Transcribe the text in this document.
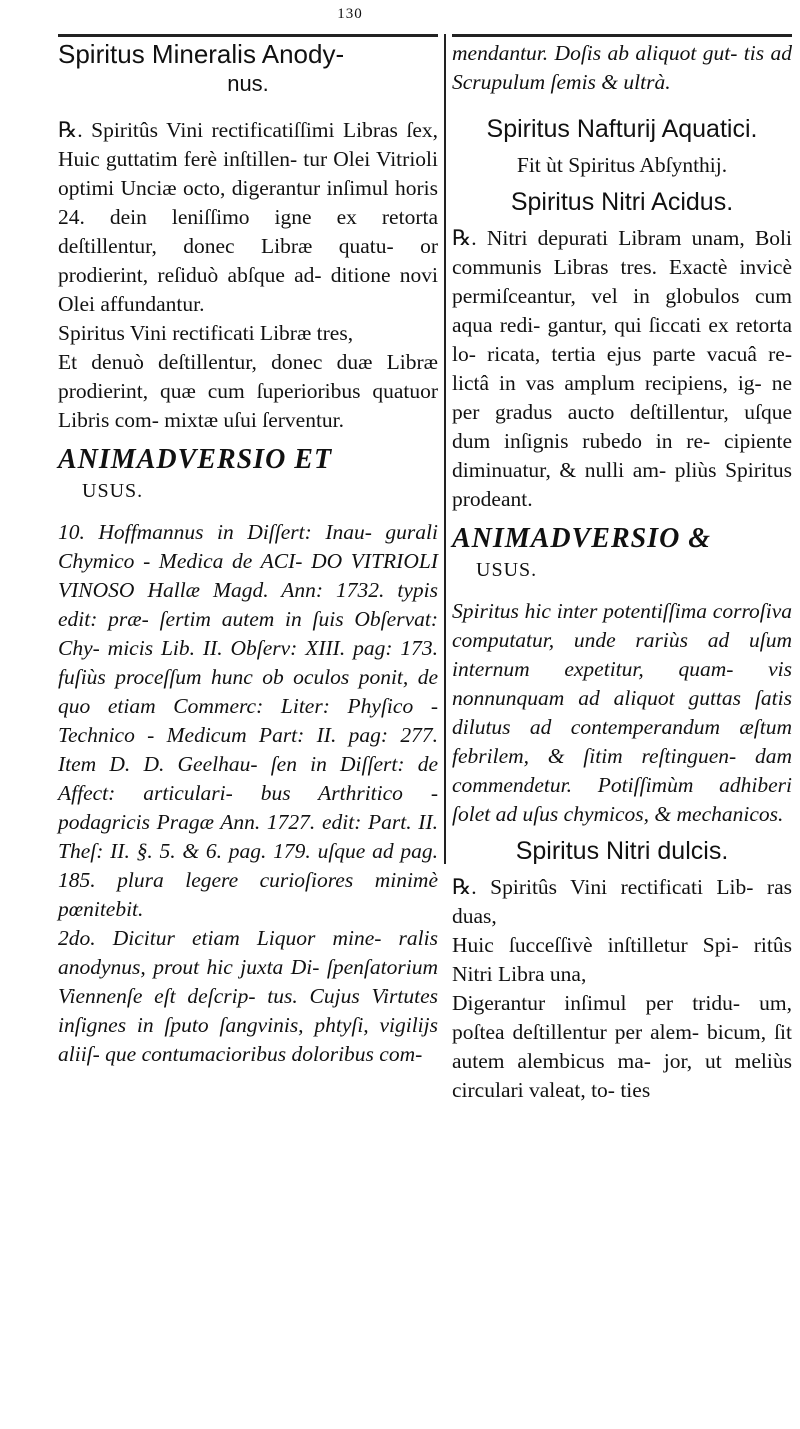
130
Spiritus Mineralis Anody-
nus.

℞. Spiritûs Vini rectificatiſſimi Libras ſex, Huic guttatim ferè inſtillen- tur Olei Vitrioli optimi Unciæ octo, digerantur inſimul horis 24. dein leniſſimo igne ex retorta deſtillentur, donec Libræ quatu- or prodierint, reſiduò abſque ad- ditione novi Olei affundantur.

Spiritus Vini rectificati Libræ tres,

Et denuò deſtillentur, donec duæ Libræ prodierint, quæ cum ſuperioribus quatuor Libris com- mixtæ uſui ſerventur.

ANIMADVERSIO ET
USUS.

10. Hoffmannus in Diſſert: Inau- gurali Chymico - Medica de ACI- DO VITRIOLI VINOSO Hallæ Magd. Ann: 1732. typis edit: præ- ſertim autem in ſuis Obſervat: Chy- micis Lib. II. Obſerv: XIII. pag: 173. fuſiùs proceſſum hunc ob oculos ponit, de quo etiam Commerc: Liter: Phyſico - Technico - Medicum Part: II. pag: 277. Item D. D. Geelhau- ſen in Diſſert: de Affect: articulari- bus Arthritico - podagricis Pragæ Ann. 1727. edit: Part. II. Theſ: II. §. 5. & 6. pag. 179. uſque ad pag. 185. plura legere curioſiores minimè pœnitebit.

2do. Dicitur etiam Liquor mine- ralis anodynus, prout hic juxta Di- ſpenſatorium Viennenſe eſt deſcrip- tus. Cujus Virtutes inſignes in ſputo ſangvinis, phtyſi, vigilijs aliiſ- que contumacioribus doloribus com-

mendantur. Doſis ab aliquot gut- tis ad Scrupulum ſemis & ultrà.

Spiritus Nafturij Aquatici.

Fit ùt Spiritus Abſynthij.

Spiritus Nitri Acidus.

℞. Nitri depurati Libram unam, Boli communis Libras tres. Exactè invicè permiſceantur, vel in globulos cum aqua redi- gantur, qui ſiccati ex retorta lo- ricata, tertia ejus parte vacuâ re- lictâ in vas amplum recipiens, ig- ne per gradus aucto deſtillentur, uſque dum inſignis rubedo in re- cipiente diminuatur, & nulli am- pliùs Spiritus prodeant.

ANIMADVERSIO &
USUS.

Spiritus hic inter potentiſſima corroſiva computatur, unde rariùs ad uſum internum expetitur, quam- vis nonnunquam ad aliquot guttas ſatis dilutus ad contemperandum æſtum febrilem, & ſitim reſtinguen- dam commendetur. Potiſſimùm adhiberi ſolet ad uſus chymicos, & mechanicos.

Spiritus Nitri dulcis.

℞. Spiritûs Vini rectificati Lib- ras duas,

Huic ſucceſſivè inſtilletur Spi- ritûs Nitri Libra una,

Digerantur inſimul per tridu- um, poſtea deſtillentur per alem- bicum, ſit autem alembicus ma- jor, ut meliùs circulari valeat, to- ties
